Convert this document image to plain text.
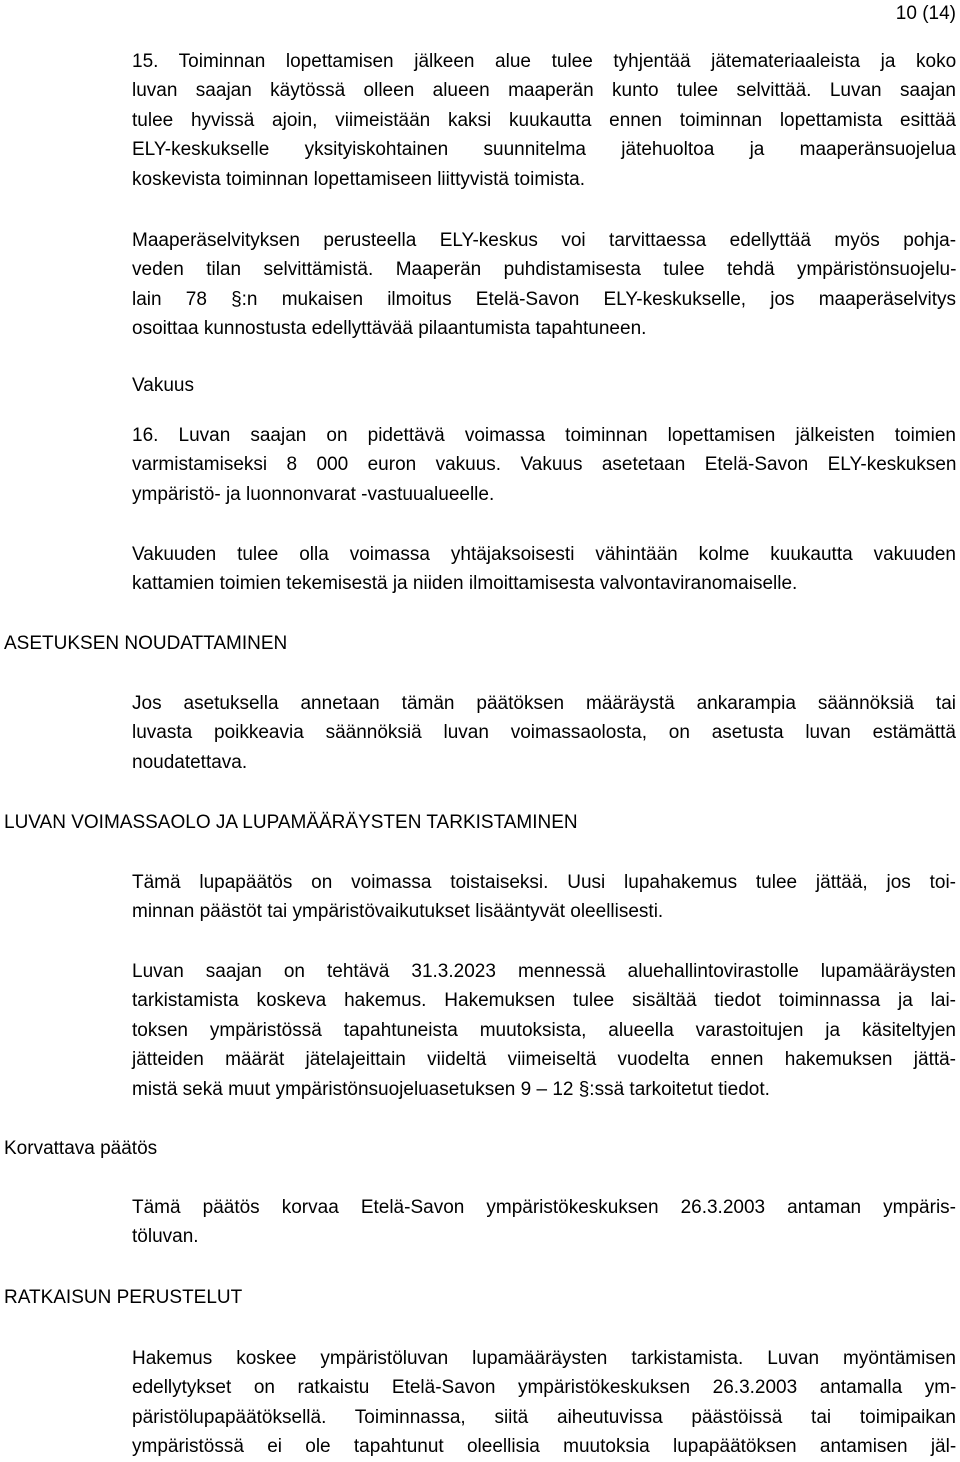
10 (14)
15. Toiminnan lopettamisen jälkeen alue tulee tyhjentää jätemateriaaleista ja koko
luvan saajan käytössä olleen alueen maaperän kunto tulee selvittää. Luvan saajan
tulee hyvissä ajoin, viimeistään kaksi kuukautta ennen toiminnan lopettamista esittää
ELY-keskukselle yksityiskohtainen suunnitelma jätehuoltoa ja maaperänsuojelua
koskevista toiminnan lopettamiseen liittyvistä toimista.
Maaperäselvityksen perusteella ELY-keskus voi tarvittaessa edellyttää myös pohja-
veden tilan selvittämistä. Maaperän puhdistamisesta tulee tehdä ympäristönsuojelu-
lain 78 §:n mukaisen ilmoitus Etelä-Savon ELY-keskukselle, jos maaperäselvitys
osoittaa kunnostusta edellyttävää pilaantumista tapahtuneen.
Vakuus
16. Luvan saajan on pidettävä voimassa toiminnan lopettamisen jälkeisten toimien
varmistamiseksi 8 000 euron vakuus. Vakuus asetetaan Etelä-Savon ELY-keskuksen
ympäristö- ja luonnonvarat -vastuualueelle.
Vakuuden tulee olla voimassa yhtäjaksoisesti vähintään kolme kuukautta vakuuden
kattamien toimien tekemisestä ja niiden ilmoittamisesta valvontaviranomaiselle.
ASETUKSEN NOUDATTAMINEN
Jos asetuksella annetaan tämän päätöksen määräystä ankarampia säännöksiä tai
luvasta poikkeavia säännöksiä luvan voimassaolosta, on asetusta luvan estämättä
noudatettava.
LUVAN VOIMASSAOLO JA LUPAMÄÄRÄYSTEN TARKISTAMINEN
Tämä lupapäätös on voimassa toistaiseksi. Uusi lupahakemus tulee jättää, jos toi-
minnan päästöt tai ympäristövaikutukset lisääntyvät oleellisesti.
Luvan saajan on tehtävä 31.3.2023 mennessä aluehallintovirastolle lupamääräysten
tarkistamista koskeva hakemus. Hakemuksen tulee sisältää tiedot toiminnassa ja lai-
toksen ympäristössä tapahtuneista muutoksista, alueella varastoitujen ja käsiteltyjen
jätteiden määrät jätelajeittain viideltä viimeiseltä vuodelta ennen hakemuksen jättä-
mistä sekä muut ympäristönsuojeluasetuksen 9 – 12 §:ssä tarkoitetut tiedot.
Korvattava päätös
Tämä päätös korvaa Etelä-Savon ympäristökeskuksen 26.3.2003 antaman ympäris-
töluvan.
RATKAISUN PERUSTELUT
Hakemus koskee ympäristöluvan lupamääräysten tarkistamista. Luvan myöntämisen
edellytykset on ratkaistu Etelä-Savon ympäristökeskuksen 26.3.2003 antamalla ym-
päristölupapäätöksellä. Toiminnassa, siitä aiheutuvissa päästöissä tai toimipaikan
ympäristössä ei ole tapahtunut oleellisia muutoksia lupapäätöksen antamisen jäl-
